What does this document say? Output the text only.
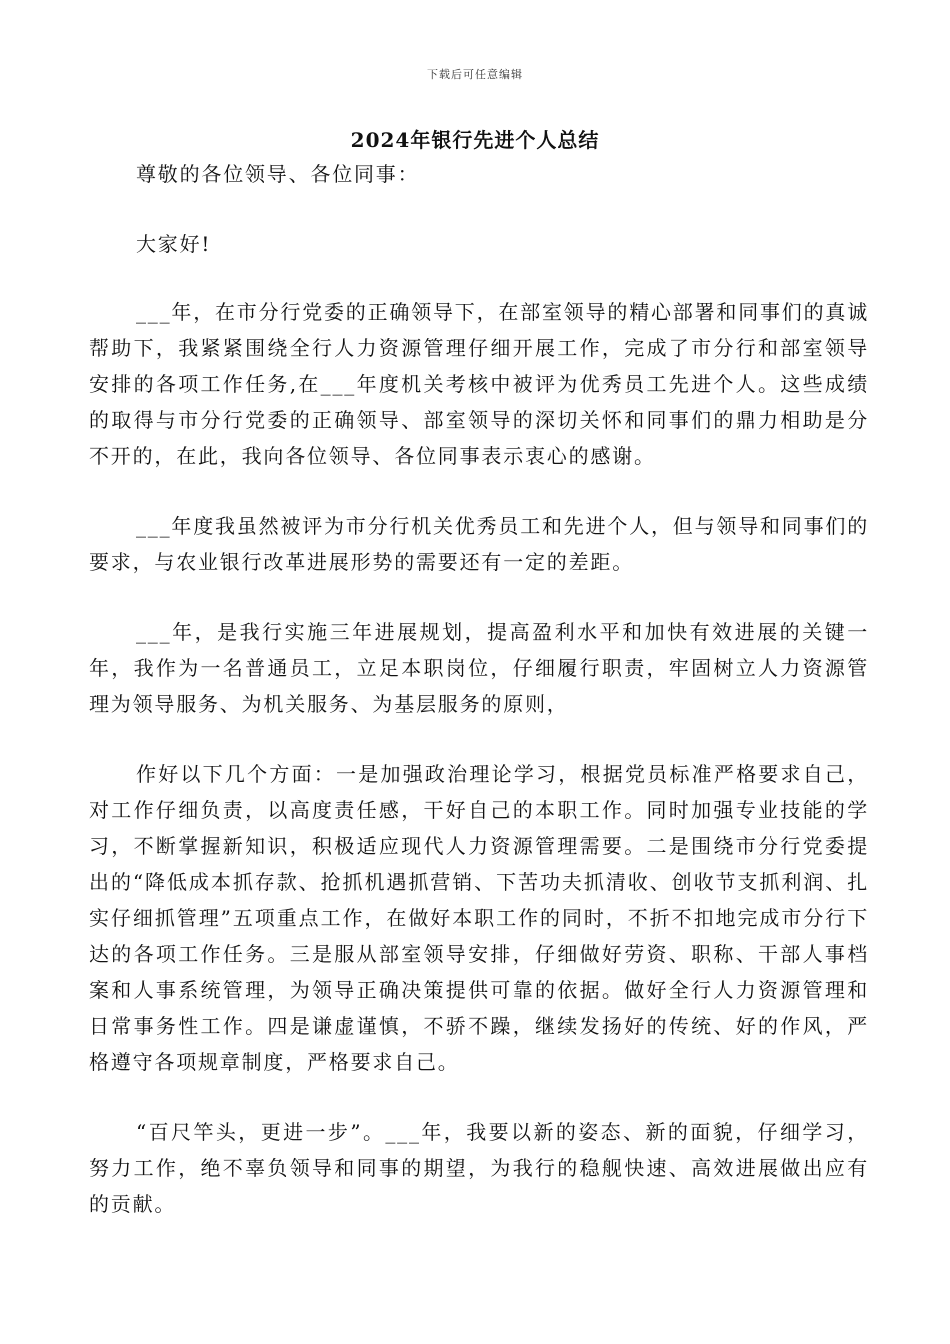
下载后可任意编辑
2024年银行先进个人总结

尊敬的各位领导、各位同事：

大家好!

___年，在市分行党委的正确领导下，在部室领导的精心部署和同事们的真诚帮助下，我紧紧围绕全行人力资源管理仔细开展工作，完成了市分行和部室领导安排的各项工作任务,在___年度机关考核中被评为优秀员工先进个人。这些成绩的取得与市分行党委的正确领导、部室领导的深切关怀和同事们的鼎力相助是分不开的，在此，我向各位领导、各位同事表示衷心的感谢。

___年度我虽然被评为市分行机关优秀员工和先进个人，但与领导和同事们的要求，与农业银行改革进展形势的需要还有一定的差距。

___年，是我行实施三年进展规划，提高盈利水平和加快有效进展的关键一年，我作为一名普通员工，立足本职岗位，仔细履行职责，牢固树立人力资源管理为领导服务、为机关服务、为基层服务的原则，

作好以下几个方面：一是加强政治理论学习，根据党员标准严格要求自己，对工作仔细负责，以高度责任感，干好自己的本职工作。同时加强专业技能的学习，不断掌握新知识，积极适应现代人力资源管理需要。二是围绕市分行党委提出的“降低成本抓存款、抢抓机遇抓营销、下苦功夫抓清收、创收节支抓利润、扎实仔细抓管理”五项重点工作，在做好本职工作的同时，不折不扣地完成市分行下达的各项工作任务。三是服从部室领导安排，仔细做好劳资、职称、干部人事档案和人事系统管理，为领导正确决策提供可靠的依据。做好全行人力资源管理和日常事务性工作。四是谦虚谨慎，不骄不躁，继续发扬好的传统、好的作风，严格遵守各项规章制度，严格要求自己。

“百尺竿头，更进一步”。___年，我要以新的姿态、新的面貌，仔细学习，努力工作，绝不辜负领导和同事的期望，为我行的稳舰快速、高效进展做出应有的贡献。
